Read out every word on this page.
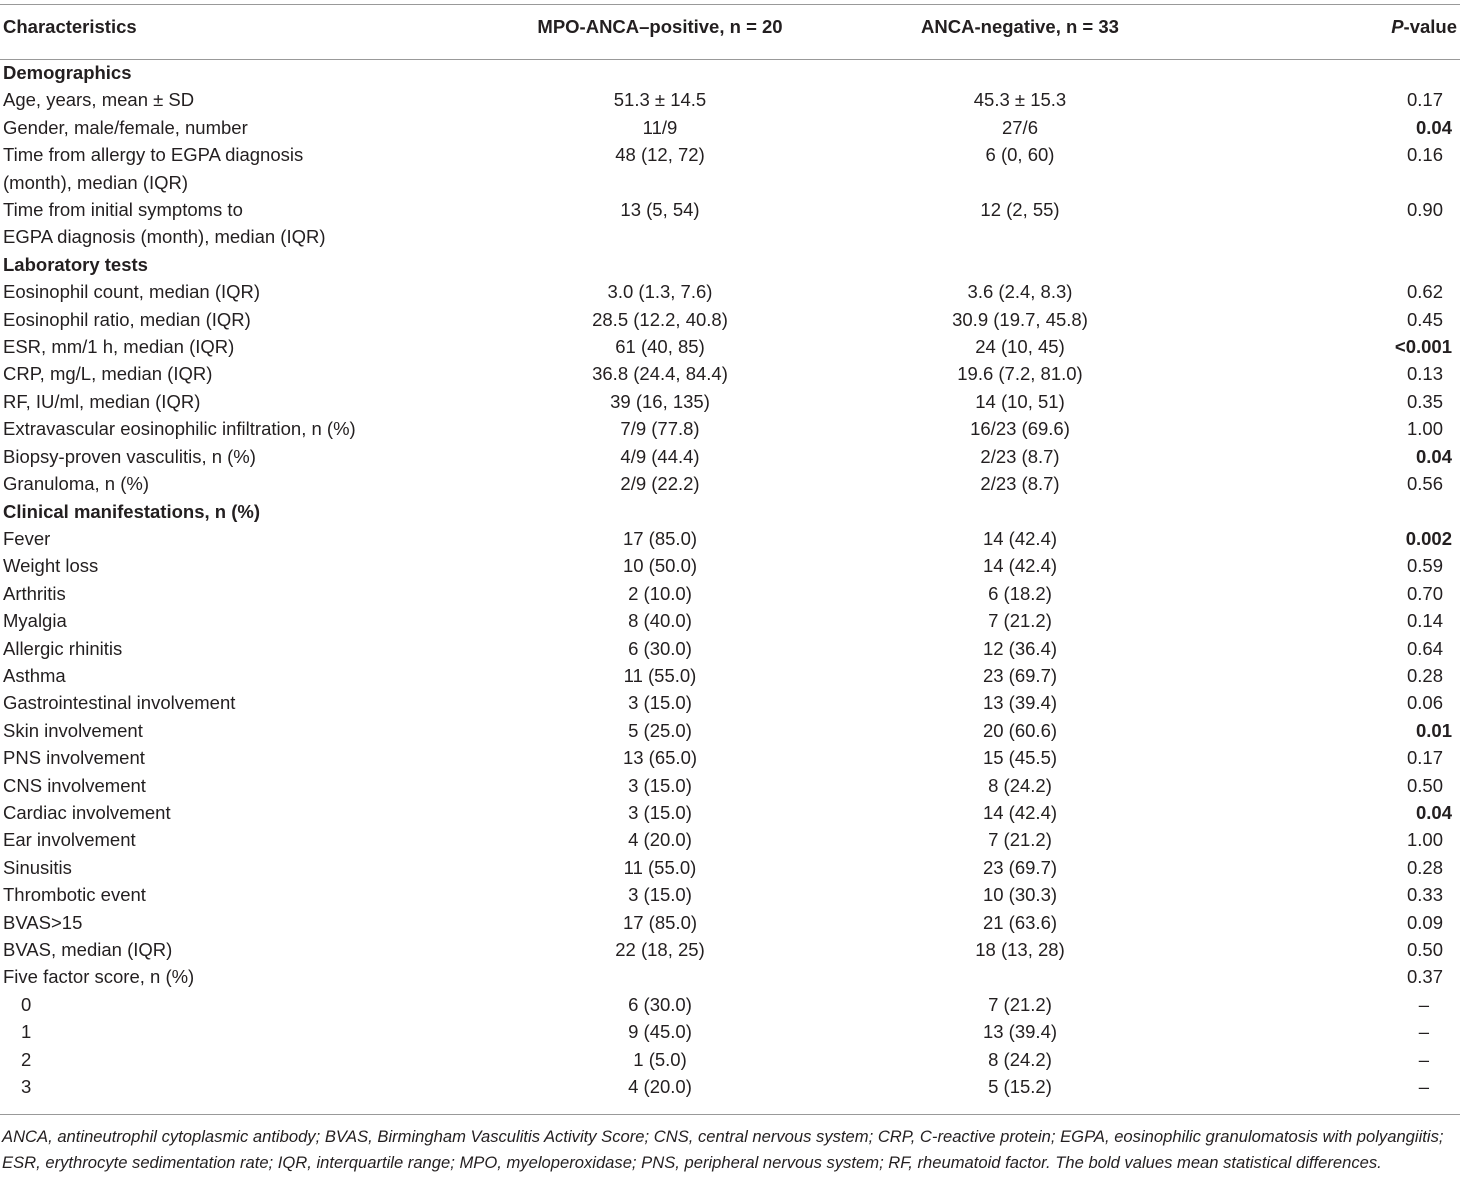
Characteristics	MPO-ANCA–positive, n = 20	ANCA-negative, n = 33	P-value

Demographics			

Age, years, mean ± SD	51.3 ± 14.5	45.3 ± 15.3	0.17

Gender, male/female, number	11/9	27/6	0.04

Time from allergy to EGPA diagnosis
(month), median (IQR)	48 (12, 72)	6 (0, 60)	0.16

Time from initial symptoms to
EGPA diagnosis (month), median (IQR)	13 (5, 54)	12 (2, 55)	0.90
Laboratory tests			

Eosinophil count, median (IQR)	3.0 (1.3, 7.6)	3.6 (2.4, 8.3)	0.62

Eosinophil ratio, median (IQR)	28.5 (12.2, 40.8)	30.9 (19.7, 45.8)	0.45

ESR, mm/1 h, median (IQR)	61 (40, 85)	24 (10, 45)	<0.001

CRP, mg/L, median (IQR)	36.8 (24.4, 84.4)	19.6 (7.2, 81.0)	0.13

RF, IU/ml, median (IQR)	39 (16, 135)	14 (10, 51)	0.35

Extravascular eosinophilic infiltration, n (%)	7/9 (77.8)	16/23 (69.6)	1.00

Biopsy-proven vasculitis, n (%)	4/9 (44.4)	2/23 (8.7)	0.04

Granuloma, n (%)	2/9 (22.2)	2/23 (8.7)	0.56
Clinical manifestations, n (%)			

Fever	17 (85.0)	14 (42.4)	0.002

Weight loss	10 (50.0)	14 (42.4)	0.59

Arthritis	2 (10.0)	6 (18.2)	0.70

Myalgia	8 (40.0)	7 (21.2)	0.14

Allergic rhinitis	6 (30.0)	12 (36.4)	0.64

Asthma	11 (55.0)	23 (69.7)	0.28

Gastrointestinal involvement	3 (15.0)	13 (39.4)	0.06

Skin involvement	5 (25.0)	20 (60.6)	0.01

PNS involvement	13 (65.0)	15 (45.5)	0.17

CNS involvement	3 (15.0)	8 (24.2)	0.50

Cardiac involvement	3 (15.0)	14 (42.4)	0.04

Ear involvement	4 (20.0)	7 (21.2)	1.00

Sinusitis	11 (55.0)	23 (69.7)	0.28

Thrombotic event	3 (15.0)	10 (30.3)	0.33

BVAS>15	17 (85.0)	21 (63.6)	0.09

BVAS, median (IQR)	22 (18, 25)	18 (13, 28)	0.50

Five factor score, n (%)			0.37

0	6 (30.0)	7 (21.2)	–

1	9 (45.0)	13 (39.4)	–

2	1 (5.0)	8 (24.2)	–

3	4 (20.0)	5 (15.2)	–
ANCA, antineutrophil cytoplasmic antibody; BVAS, Birmingham Vasculitis Activity Score; CNS, central nervous system; CRP, C-reactive protein; EGPA, eosinophilic granulomatosis with polyangiitis; ESR, erythrocyte sedimentation rate; IQR, interquartile range; MPO, myeloperoxidase; PNS, peripheral nervous system; RF, rheumatoid factor. The bold values mean statistical differences.
